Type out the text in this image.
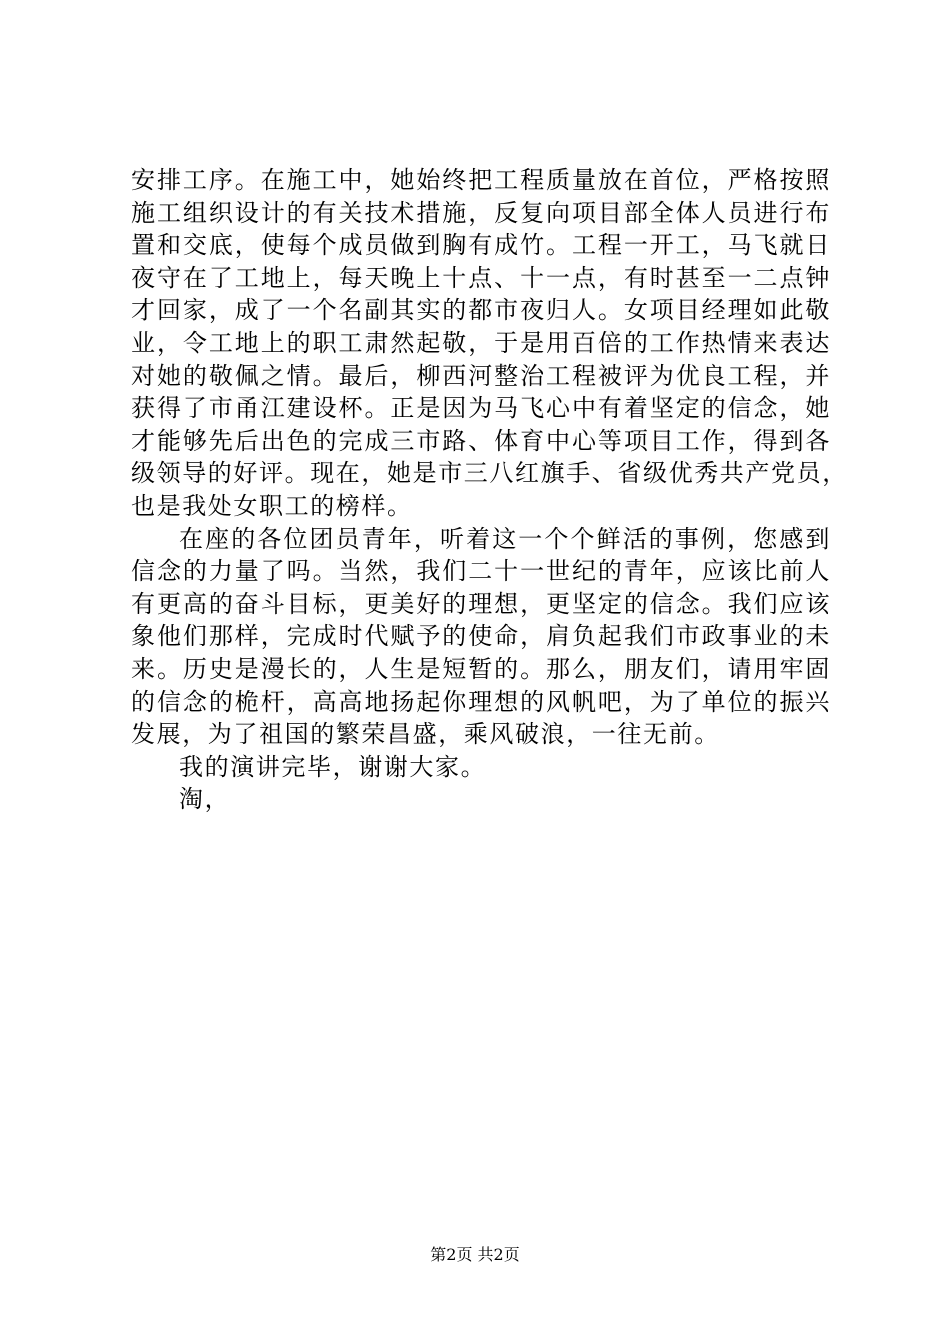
安排工序。在施工中，她始终把工程质量放在首位，严格按照
施工组织设计的有关技术措施，反复向项目部全体人员进行布
置和交底，使每个成员做到胸有成竹。工程一开工，马飞就日
夜守在了工地上，每天晚上十点、十一点，有时甚至一二点钟
才回家，成了一个名副其实的都市夜归人。女项目经理如此敬
业，令工地上的职工肃然起敬，于是用百倍的工作热情来表达
对她的敬佩之情。最后，柳西河整治工程被评为优良工程，并
获得了市甬江建设杯。正是因为马飞心中有着坚定的信念，她
才能够先后出色的完成三市路、体育中心等项目工作，得到各
级领导的好评。现在，她是市三八红旗手、省级优秀共产党员，
也是我处女职工的榜样。
在座的各位团员青年，听着这一个个鲜活的事例，您感到
信念的力量了吗。当然，我们二十一世纪的青年，应该比前人
有更高的奋斗目标，更美好的理想，更坚定的信念。我们应该
象他们那样，完成时代赋予的使命，肩负起我们市政事业的未
来。历史是漫长的，人生是短暂的。那么，朋友们，请用牢固
的信念的桅杆，高高地扬起你理想的风帆吧，为了单位的振兴
发展，为了祖国的繁荣昌盛，乘风破浪，一往无前。
我的演讲完毕，谢谢大家。
淘，
第2页 共2页
